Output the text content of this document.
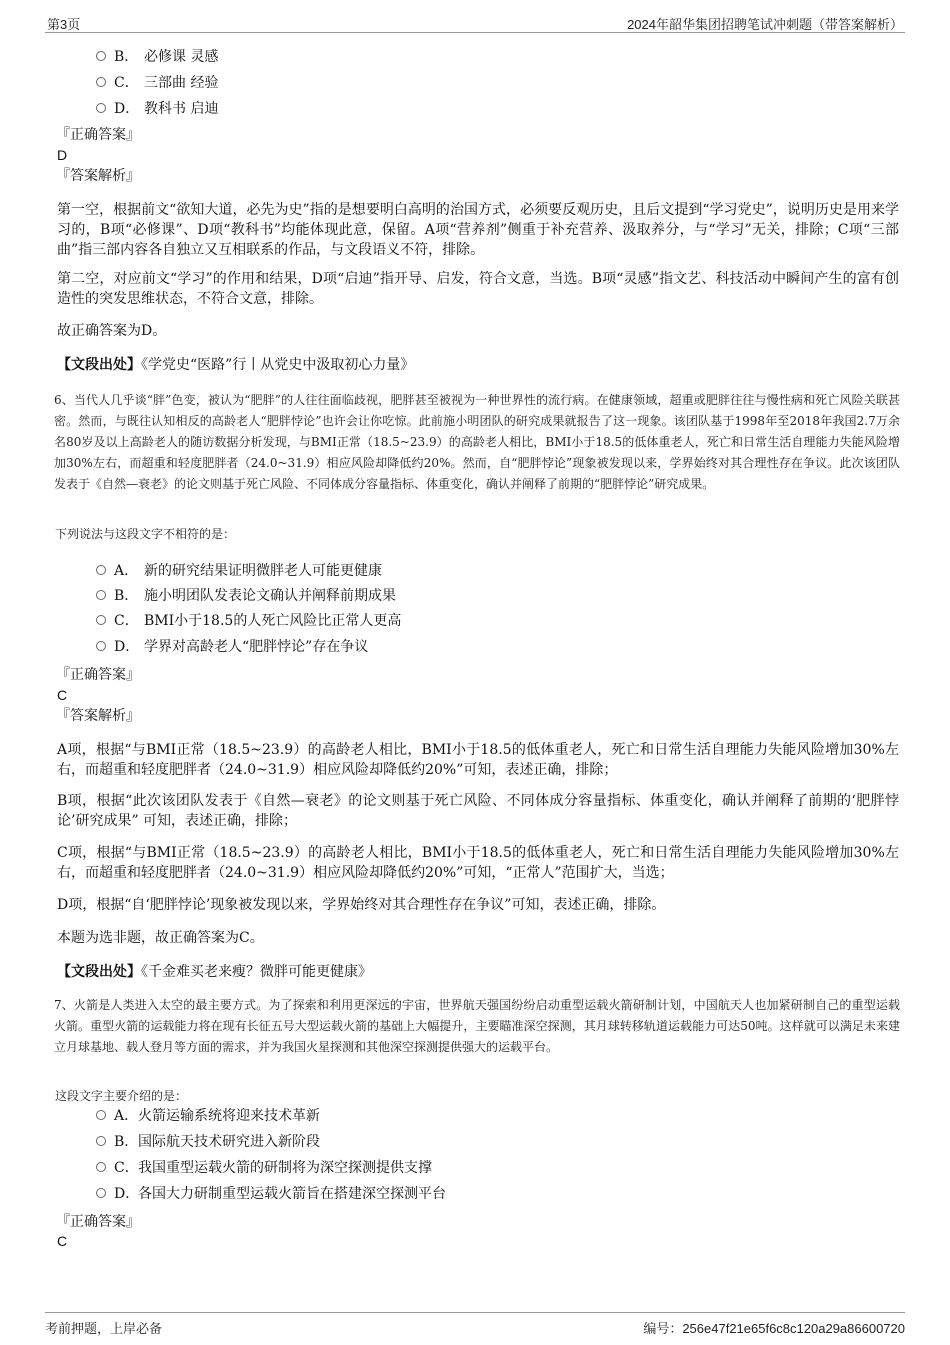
第3页	2024年韶华集团招聘笔试冲刺题（带答案解析）
B． 必修课 灵感
C． 三部曲 经验
D． 教科书 启迪
『正确答案』
D
『答案解析』
第一空，根据前文“欲知大道，必先为史”指的是想要明白高明的治国方式，必须要反观历史，且后文提到“学习党史”，说明历史是用来学习的，B项“必修课”、D项“教科书”均能体现此意，保留。A项“营养剂”侧重于补充营养、汲取养分，与“学习”无关，排除；C项“三部曲”指三部内容各自独立又互相联系的作品，与文段语义不符，排除。
第二空，对应前文“学习”的作用和结果，D项“启迪”指开导、启发，符合文意，当选。B项“灵感”指文艺、科技活动中瞬间产生的富有创造性的突发思维状态，不符合文意，排除。
故正确答案为D。
【文段出处】《学党史“医路”行丨从党史中汲取初心力量》
6、当代人几乎谈“胖”色变，被认为“肥胖”的人往往面临歧视，肥胖甚至被视为一种世界性的流行病。在健康领域，超重或肥胖往往与慢性病和死亡风险关联甚密。然而，与既往认知相反的高龄老人“肥胖悖论”也许会让你吃惊。此前施小明团队的研究成果就报告了这一现象。该团队基于1998年至2018年我国2.7万余名80岁及以上高龄老人的随访数据分析发现，与BMI正常（18.5~23.9）的高龄老人相比，BMI小于18.5的低体重老人，死亡和日常生活自理能力失能风险增加30%左右，而超重和轻度肥胖者（24.0~31.9）相应风险却降低约20%。然而，自“肥胖悖论”现象被发现以来，学界始终对其合理性存在争议。此次该团队发表于《自然—衰老》的论文则基于死亡风险、不同体成分容量指标、体重变化，确认并阐释了前期的“肥胖悖论”研究成果。
下列说法与这段文字不相符的是：
A． 新的研究结果证明微胖老人可能更健康
B． 施小明团队发表论文确认并阐释前期成果
C． BMI小于18.5的人死亡风险比正常人更高
D． 学界对高龄老人“肥胖悖论”存在争议
『正确答案』
C
『答案解析』
A项，根据“与BMI正常（18.5~23.9）的高龄老人相比，BMI小于18.5的低体重老人，死亡和日常生活自理能力失能风险增加30%左右，而超重和轻度肥胖者（24.0~31.9）相应风险却降低约20%”可知，表述正确，排除；
B项，根据“此次该团队发表于《自然—衰老》的论文则基于死亡风险、不同体成分容量指标、体重变化，确认并阐释了前期的‘肥胖悖论’研究成果” 可知，表述正确，排除；
C项，根据“与BMI正常（18.5~23.9）的高龄老人相比，BMI小于18.5的低体重老人，死亡和日常生活自理能力失能风险增加30%左右，而超重和轻度肥胖者（24.0~31.9）相应风险却降低约20%”可知，“正常人”范围扩大，当选；
D项，根据“自‘肥胖悖论’现象被发现以来，学界始终对其合理性存在争议”可知，表述正确，排除。
本题为选非题，故正确答案为C。
【文段出处】《千金难买老来瘦？微胖可能更健康》
7、火箭是人类进入太空的最主要方式。为了探索和利用更深远的宇宙，世界航天强国纷纷启动重型运载火箭研制计划，中国航天人也加紧研制自己的重型运载火箭。重型火箭的运载能力将在现有长征五号大型运载火箭的基础上大幅提升，主要瞄准深空探测，其月球转移轨道运载能力可达50吨。这样就可以满足未来建立月球基地、载人登月等方面的需求，并为我国火星探测和其他深空探测提供强大的运载平台。
这段文字主要介绍的是：
A．火箭运输系统将迎来技术革新
B．国际航天技术研究进入新阶段
C．我国重型运载火箭的研制将为深空探测提供支撑
D．各国大力研制重型运载火箭旨在搭建深空探测平台
『正确答案』
C
考前押题，上岸必备	编号：256e47f21e65f6c8c120a29a86600720
